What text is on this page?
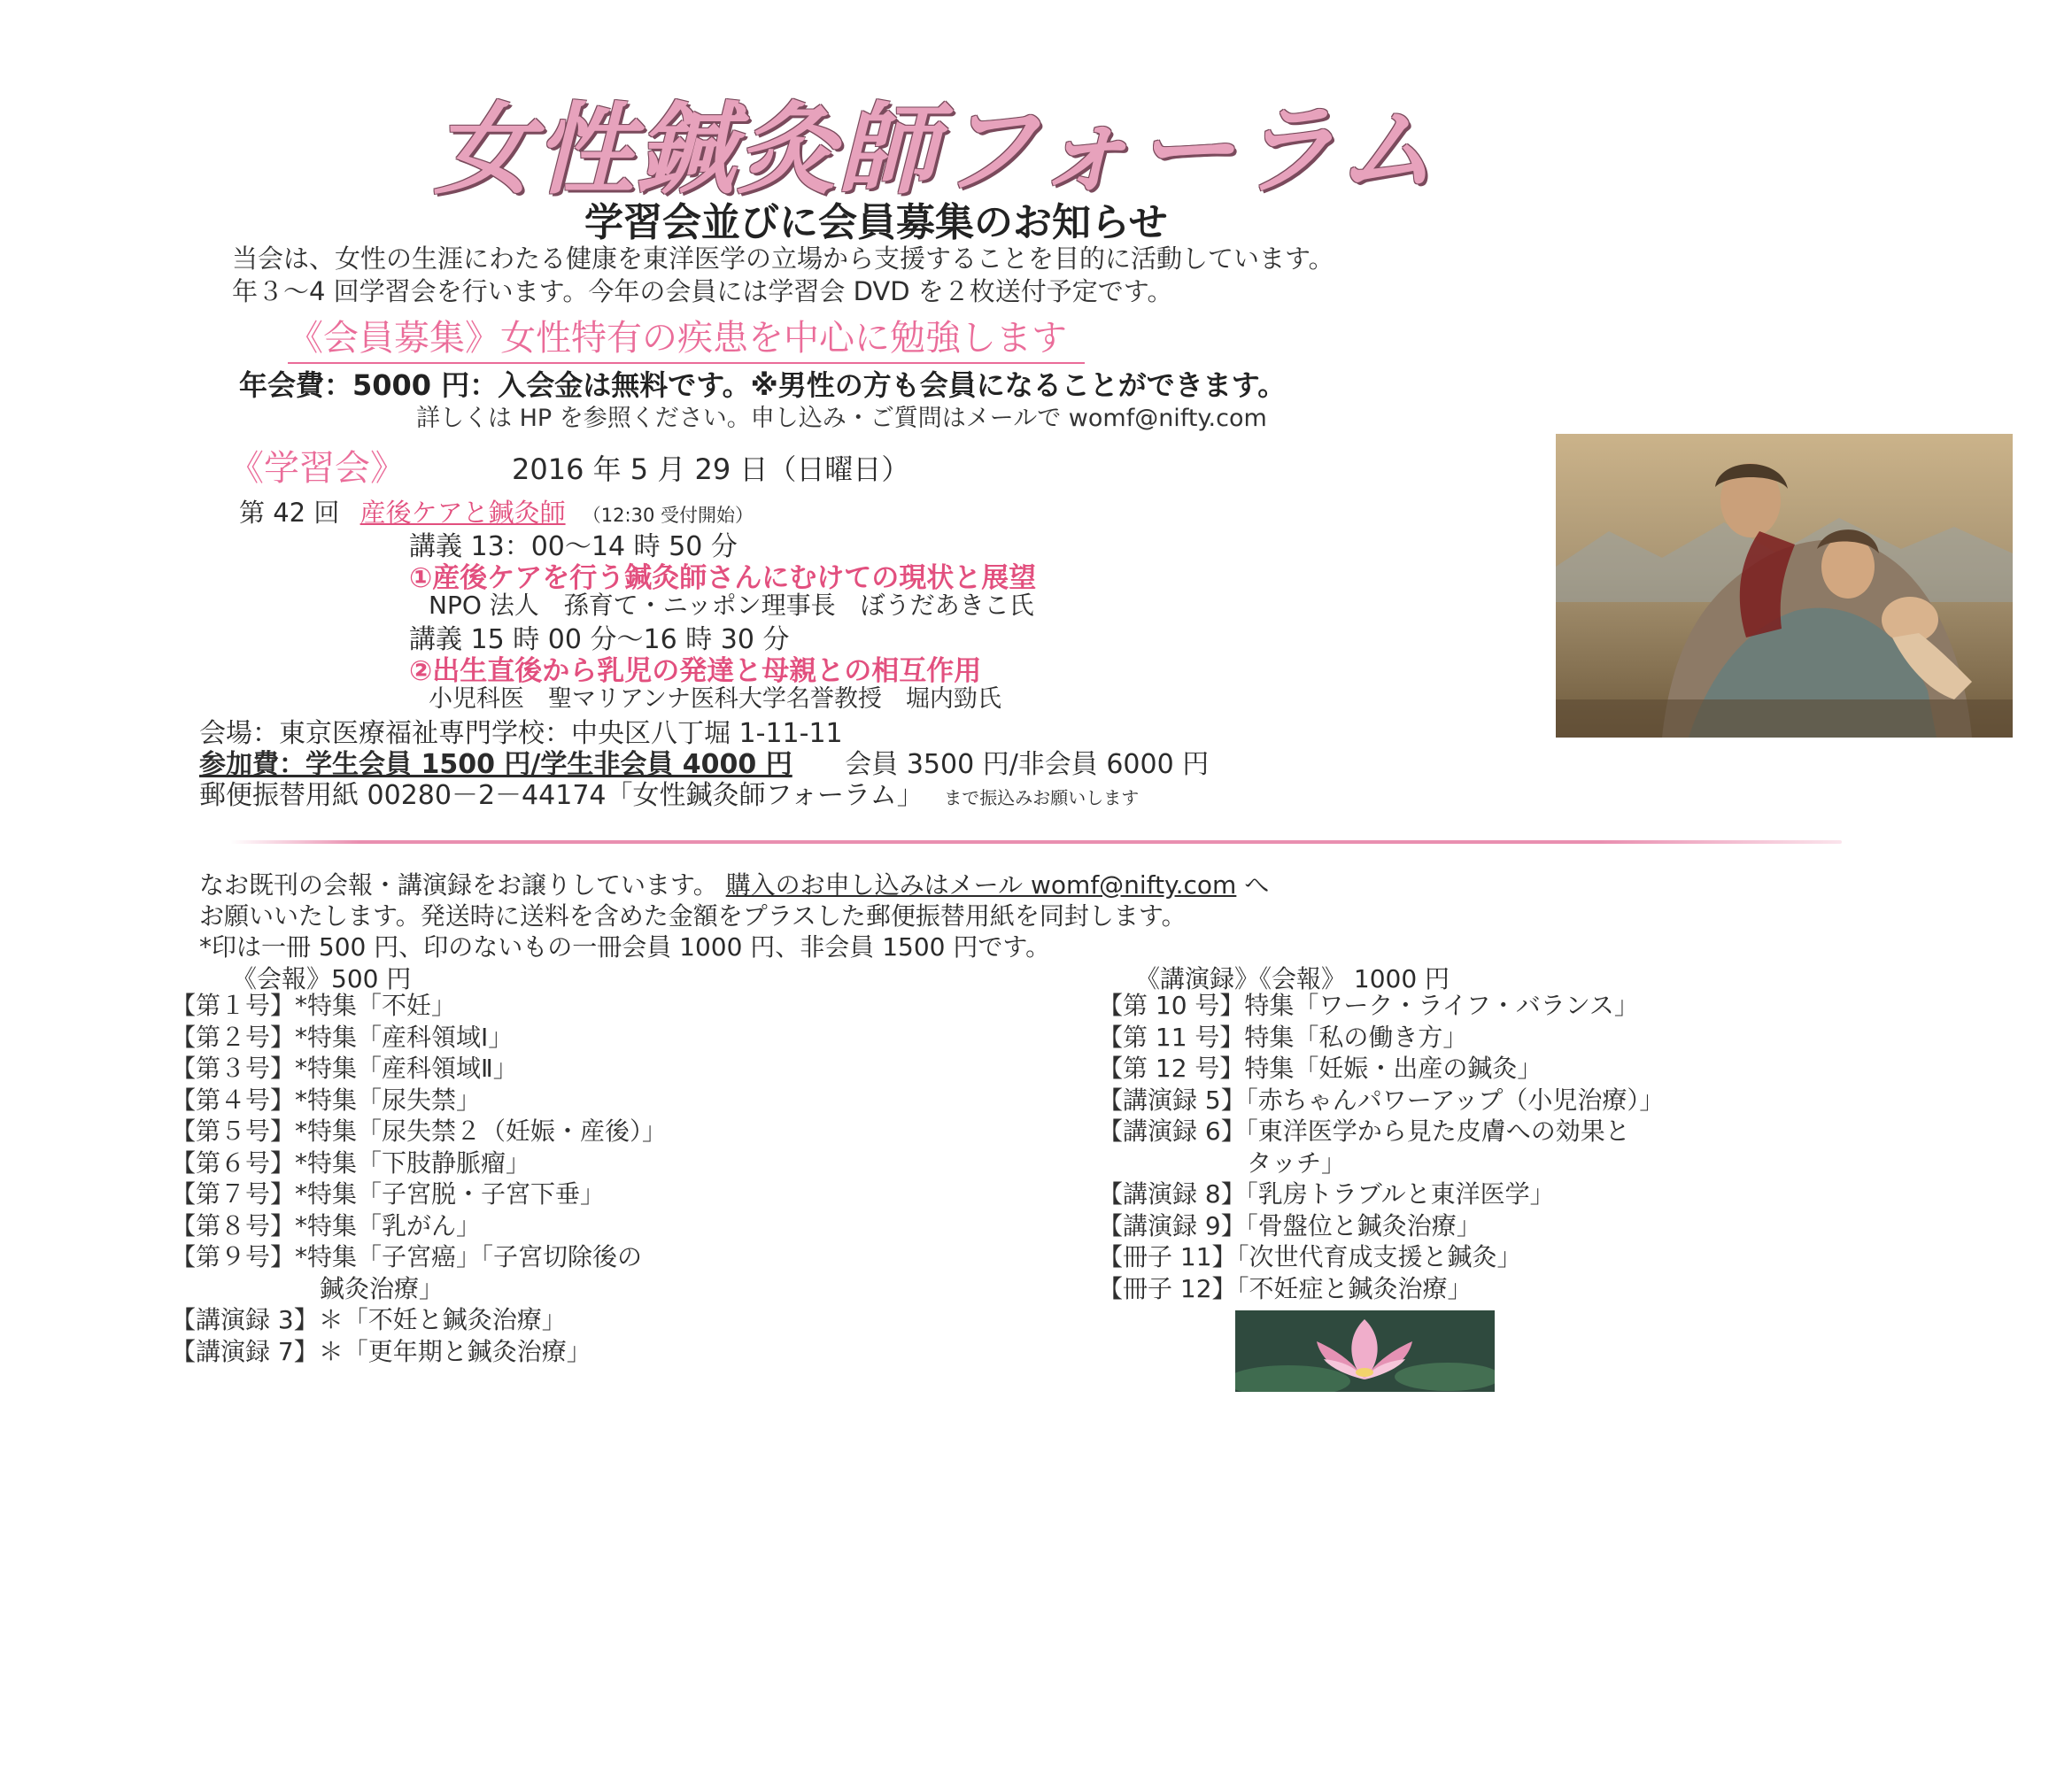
女性鍼灸師フォーラム
学習会並びに会員募集のお知らせ
当会は、女性の生涯にわたる健康を東洋医学の立場から支援することを目的に活動しています。
年３～4 回学習会を行います。今年の会員には学習会 DVD を２枚送付予定です。
《会員募集》女性特有の疾患を中心に勉強します
年会費：5000 円：入会金は無料です。※男性の方も会員になることができます。
詳しくは HP を参照ください。申し込み・ご質問はメールで womf@nifty.com
《学習会》	2016 年 5 月 29 日（日曜日）
第 42 回 産後ケアと鍼灸師 （12:30 受付開始）
講義 13：00～14 時 50 分
①産後ケアを行う鍼灸師さんにむけての現状と展望
NPO 法人　孫育て・ニッポン理事長　ぼうだあきこ氏
講義 15 時 00 分～16 時 30 分
②出生直後から乳児の発達と母親との相互作用
小児科医　聖マリアンナ医科大学名誉教授　堀内勁氏
会場：東京医療福祉専門学校：中央区八丁堀 1-11-11
参加費：学生会員 1500 円/学生非会員 4000 円 会員 3500 円/非会員 6000 円
郵便振替用紙 00280－2－44174「女性鍼灸師フォーラム」 まで振込みお願いします
なお既刊の会報・講演録をお譲りしています。 購入のお申し込みはメール womf@nifty.com へ
お願いいたします。発送時に送料を含めた金額をプラスした郵便振替用紙を同封します。
*印は一冊 500 円、印のないもの一冊会員 1000 円、非会員 1500 円です。
《会報》500 円	《講演録》《会報》 1000 円
【第１号】*特集「不妊」
【第２号】*特集「産科領域Ⅰ」
【第３号】*特集「産科領域Ⅱ」
【第４号】*特集「尿失禁」
【第５号】*特集「尿失禁２（妊娠・産後）」
【第６号】*特集「下肢静脈瘤」
【第７号】*特集「子宮脱・子宮下垂」
【第８号】*特集「乳がん」
【第９号】*特集「子宮癌」「子宮切除後の
　　　　　　鍼灸治療」
【講演録 3】＊「不妊と鍼灸治療」
【講演録 7】＊「更年期と鍼灸治療」
【第 10 号】特集「ワーク・ライフ・バランス」
【第 11 号】特集「私の働き方」
【第 12 号】特集「妊娠・出産の鍼灸」
【講演録 5】「赤ちゃんパワーアップ（小児治療）」
【講演録 6】「東洋医学から見た皮膚への効果と
　　　　　　タッチ」
【講演録 8】「乳房トラブルと東洋医学」
【講演録 9】「骨盤位と鍼灸治療」
【冊子 11】「次世代育成支援と鍼灸」
【冊子 12】「不妊症と鍼灸治療」
